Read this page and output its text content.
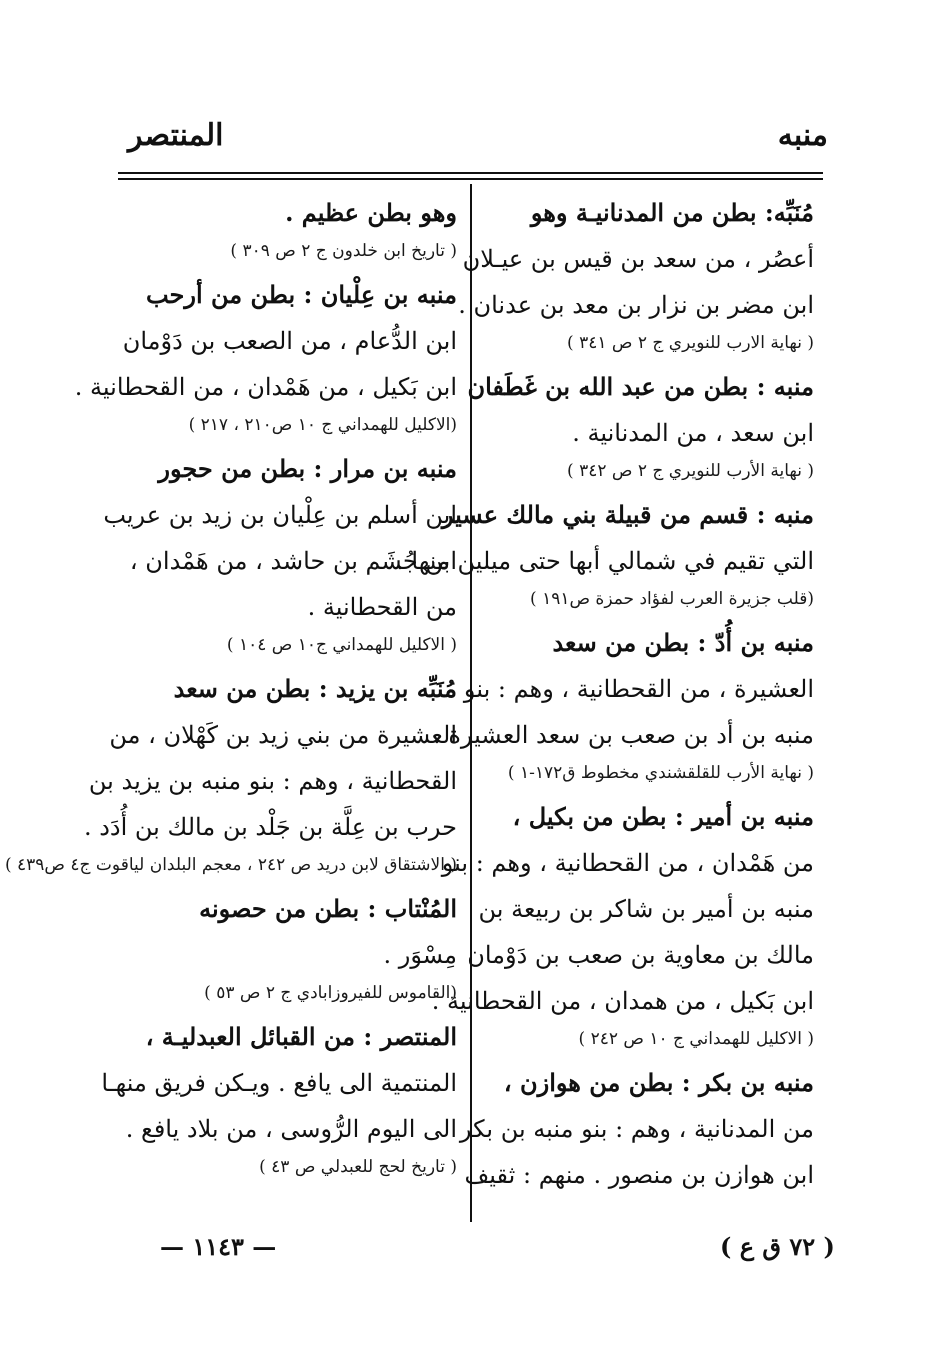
منبه
المنتصر
مُنَبِّه: بطن من المدنانيـة وهو
أعصُر ، من سعد بن قيس بن عيـلان
ابن مضر بن نزار بن معد بن عدنان .
( نهاية الارب للنويري ج ٢ ص ٣٤١ )
منبه : بطن من عبد الله بن غَطَفان
ابن سعد ، من المدنانية .
( نهاية الأرب للنويري ج ٢ ص ٣٤٢ )
منبه : قسم من قبيلة بني مالك عسير
التي تقيم في شمالي أبها حتى ميلين منها .
(قلب جزيرة العرب لفؤاد حمزة ص١٩١ )
منبه بن أُدّ : بطن من سعد
العشيرة ، من القحطانية ، وهم : بنو
منبه بن أد بن صعب بن سعد العشيرة .
( نهاية الأرب للقلقشندي مخطوط ق١٧٢-١ )
منبه بن أمير : بطن من بكيل ،
من هَمْدان ، من القحطانية ، وهم : بنو
منبه بن أمير بن شاكر بن ربيعة بن
مالك بن معاوية بن صعب بن دَوْمان
ابن بَكيل ، من همدان ، من القحطانية .
( الاكليل للهمداني ج ١٠ ص ٢٤٢ )
منبه بن بكر : بطن من هوازن ،
من المدنانية ، وهم : بنو منبه بن بكر
ابن هوازن بن منصور . منهم : ثقيف
وهو بطن عظيم .
( تاريخ ابن خلدون ج ٢ ص ٣٠٩ )
منبه بن عِلْيان : بطن من أرحب
ابن الدُّعام ، من الصعب بن دَوْمان
ابن بَكيل ، من هَمْدان ، من القحطانية .
(الاكليل للهمداني ج ١٠ ص٢١٠ ، ٢١٧ )
منبه بن مرار : بطن من حجور
ابن أسلم بن عِلْيان بن زيد بن عريب
ابن جُشَم بن حاشد ، من هَمْدان ،
من القحطانية .
( الاكليل للهمداني ج١٠ ص ١٠٤ )
مُنَبِّه بن يزيد : بطن من سعد
العشيرة من بني زيد بن كَهْلان ، من
القحطانية ، وهم : بنو منبه بن يزيد بن
حرب بن عِلَّة بن جَلْد بن مالك بن أُدَد .
( الاشتقاق لابن دريد ص ٢٤٢ ، معجم البلدان لياقوت ج٤ ص٤٣٩ )
المُنْتاب : بطن من حصونه
مِسْوَر .
(القاموس للفيروزابادي ج ٢ ص ٥٣ )
المنتصر : من القبائل العبدليـة ،
المنتمية الى يافع . ويـكن فريق منهـا
الى اليوم الرُّوسى ، من بلاد يافع .
( تاريخ لحج للعبدلي ص ٤٣ )
— ١١٤٣ —	( ٧٢ ق ع )
